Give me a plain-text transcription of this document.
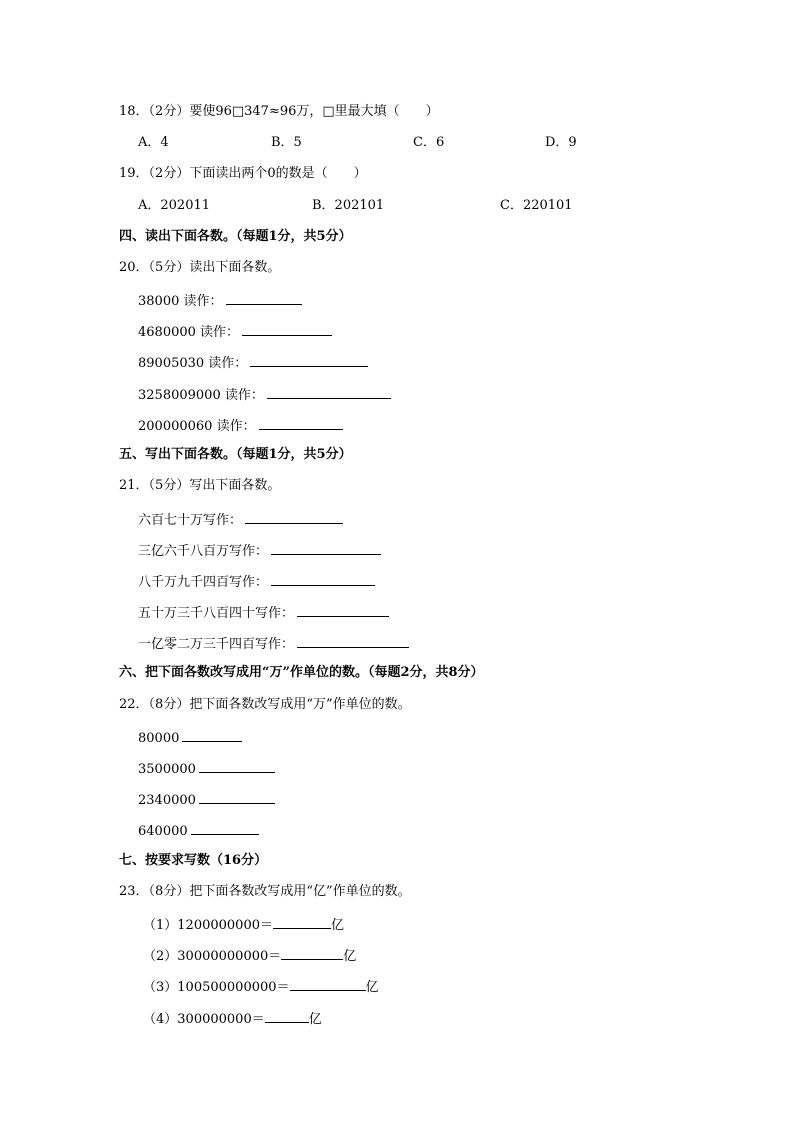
18．（2分）要使96□347≈96万，□里最大填（　　）
A．4	B．5	C．6	D．9
19．（2分）下面读出两个0的数是（　　）
A．202011	B．202101	C．220101
四、读出下面各数。（每题1分，共5分）
20．（5分）读出下面各数。
38000 读作：
4680000 读作：
89005030 读作：
3258009000 读作：
200000060 读作：
五、写出下面各数。（每题1分，共5分）
21．（5分）写出下面各数。
六百七十万写作：
三亿六千八百万写作：
八千万九千四百写作：
五十万三千八百四十写作：
一亿零二万三千四百写作：
六、把下面各数改写成用“万”作单位的数。（每题2分，共8分）
22．（8分）把下面各数改写成用“万”作单位的数。
80000
3500000
2340000
640000
七、按要求写数（16分）
23．（8分）把下面各数改写成用“亿”作单位的数。
（1）1200000000＝	亿
（2）30000000000＝	亿
（3）100500000000＝	亿
（4）300000000＝	亿
